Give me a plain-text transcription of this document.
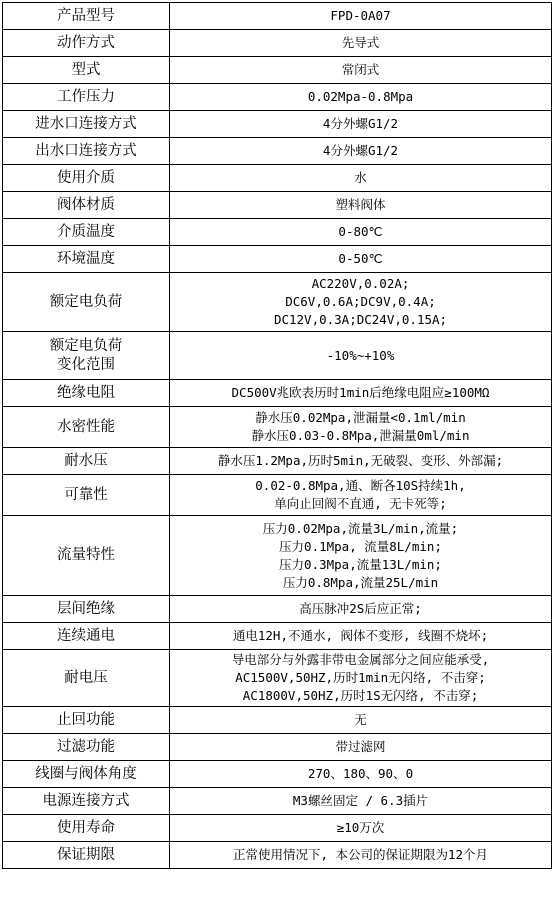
产品型号	FPD-0A07

动作方式	先导式

型式	常闭式

工作压力	0.02Mpa-0.8Mpa

进水口连接方式	4分外螺G1/2

出水口连接方式	4分外螺G1/2

使用介质	水

阀体材质	塑料阀体

介质温度	0-80℃

环境温度	0-50℃

额定电负荷	AC220V,0.02A;
DC6V,0.6A;DC9V,0.4A;
DC12V,0.3A;DC24V,0.15A;

额定电负荷
变化范围	-10%~+10%

绝缘电阻	DC500V兆欧表历时1min后绝缘电阻应≥100MΩ

水密性能	静水压0.02Mpa,泄漏量<0.1ml/min
静水压0.03-0.8Mpa,泄漏量0ml/min

耐水压	静水压1.2Mpa,历时5min,无破裂、变形、外部漏;

可靠性	0.02-0.8Mpa,通、断各10S持续1h,
单向止回阀不直通, 无卡死等;

流量特性	压力0.02Mpa,流量3L/min,流量;
压力0.1Mpa, 流量8L/min;
压力0.3Mpa,流量13L/min;
压力0.8Mpa,流量25L/min

层间绝缘	高压脉冲2S后应正常;

连续通电	通电12H,不通水, 阀体不变形, 线圈不烧坏;

耐电压	导电部分与外露非带电金属部分之间应能承受,
AC1500V,50HZ,历时1min无闪络, 不击穿;
AC1800V,50HZ,历时1S无闪络, 不击穿;

止回功能	无

过滤功能	带过滤网

线圈与阀体角度	270、180、90、0

电源连接方式	M3螺丝固定 / 6.3插片

使用寿命	≥10万次

保证期限	正常使用情况下, 本公司的保证期限为12个月
